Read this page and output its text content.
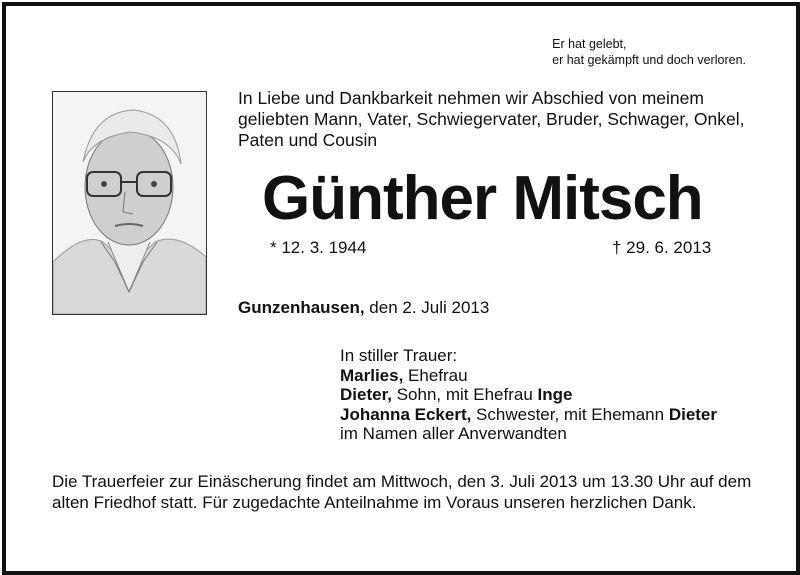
Er hat gelebt,
er hat gekämpft und doch verloren.
In Liebe und Dankbarkeit nehmen wir Abschied von meinem geliebten Mann, Vater, Schwiegervater, Bruder, Schwager, Onkel, Paten und Cousin
Günther Mitsch
* 12. 3. 1944	† 29. 6. 2013
Gunzenhausen, den 2. Juli 2013
In stiller Trauer:
Marlies, Ehefrau
Dieter, Sohn, mit Ehefrau Inge
Johanna Eckert, Schwester, mit Ehemann Dieter
im Namen aller Anverwandten
Die Trauerfeier zur Einäscherung findet am Mittwoch, den 3. Juli 2013 um 13.30 Uhr auf dem alten Friedhof statt. Für zugedachte Anteilnahme im Voraus unseren herzlichen Dank.
